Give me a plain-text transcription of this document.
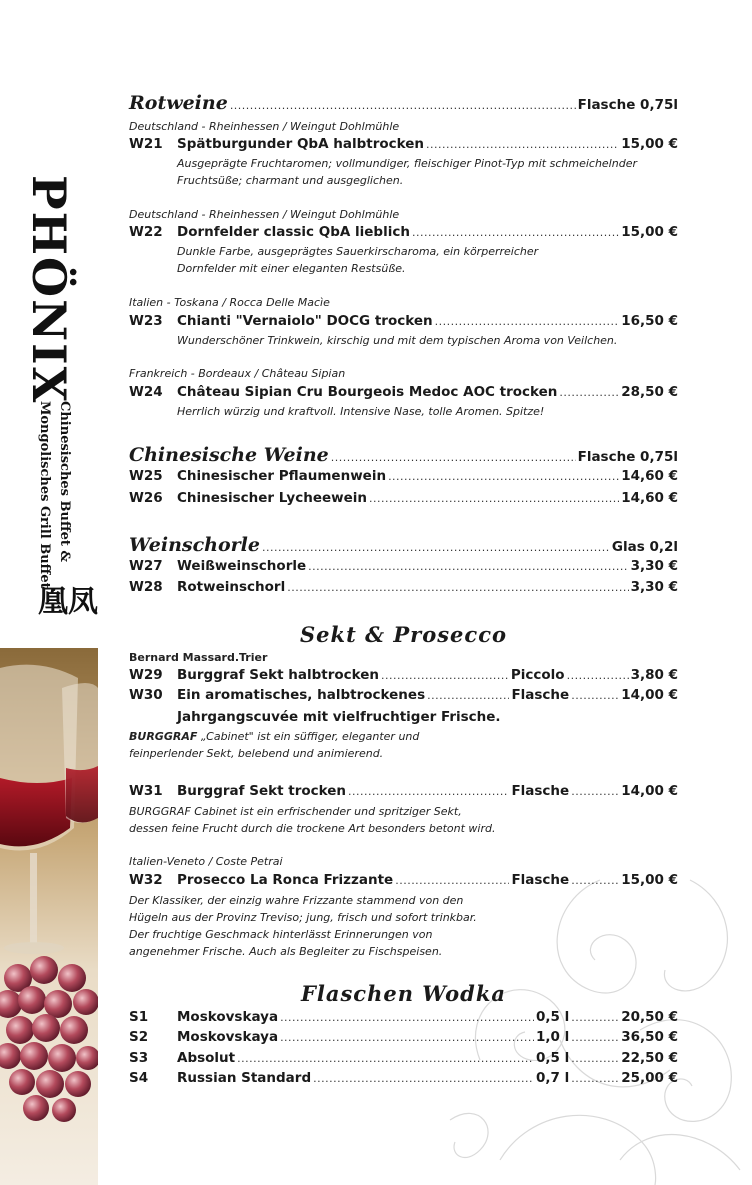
PHÖNIX
Chinesisches Buffet &
Mongolisches Grill Buffet
凤凰
Rotweine .....	Flasche 0,75l
Deutschland - Rheinhessen / Weingut Dohlmühle
W21	Spätburgunder QbA halbtrocken .....	15,00 €
Ausgeprägte Fruchtaromen; vollmundiger, fleischiger Pinot-Typ mit schmeichelnder
Fruchtsüße; charmant und ausgeglichen.
Deutschland - Rheinhessen / Weingut Dohlmühle
W22	Dornfelder classic QbA lieblich .....	15,00 €
Dunkle Farbe, ausgeprägtes Sauerkirscharoma, ein körperreicher
Dornfelder mit einer eleganten Restsüße.
Italien - Toskana / Rocca Delle Macìe
W23	Chianti "Vernaiolo" DOCG trocken .....	16,50 €
Wunderschöner Trinkwein, kirschig und mit dem typischen Aroma von Veilchen.
Frankreich - Bordeaux / Château Sipian
W24	Château Sipian Cru Bourgeois Medoc AOC trocken .....	28,50 €
Herrlich würzig und kraftvoll. Intensive Nase, tolle Aromen. Spitze!
Chinesische Weine .....	Flasche 0,75l
W25	Chinesischer Pflaumenwein .....	14,60 €
W26	Chinesischer Lycheewein .....	14,60 €
Weinschorle .....	Glas 0,2l
W27	Weißweinschorle .....	3,30 €
W28	Rotweinschorl .....	3,30 €
Sekt & Prosecco
Bernard Massard.Trier
W29	Burggraf Sekt halbtrocken .....	Piccolo .....	3,80 €
W30	Ein aromatisches, halbtrockenes .....	Flasche .....	14,00 €
Jahrgangscuvée mit vielfruchtiger Frische.
BURGGRAF „Cabinet" ist ein süffiger, eleganter und
feinperlender Sekt, belebend und animierend.
W31	Burggraf Sekt trocken .....	Flasche .....	14,00 €
BURGGRAF Cabinet ist ein erfrischender und spritziger Sekt,
dessen feine Frucht durch die trockene Art besonders betont wird.
Italien-Veneto / Coste Petrai
W32	Prosecco La Ronca Frizzante .....	Flasche .....	15,00 €
Der Klassiker, der einzig wahre Frizzante stammend von den
Hügeln aus der Provinz Treviso; jung, frisch und sofort trinkbar.
Der fruchtige Geschmack hinterlässt Erinnerungen von
angenehmer Frische. Auch als Begleiter zu Fischspeisen.
Flaschen Wodka
S1	Moskovskaya .....	0,5 l .....	20,50 €
S2	Moskovskaya .....	1,0 l .....	36,50 €
S3	Absolut .....	0,5 l .....	22,50 €
S4	Russian Standard .....	0,7 l .....	25,00 €
